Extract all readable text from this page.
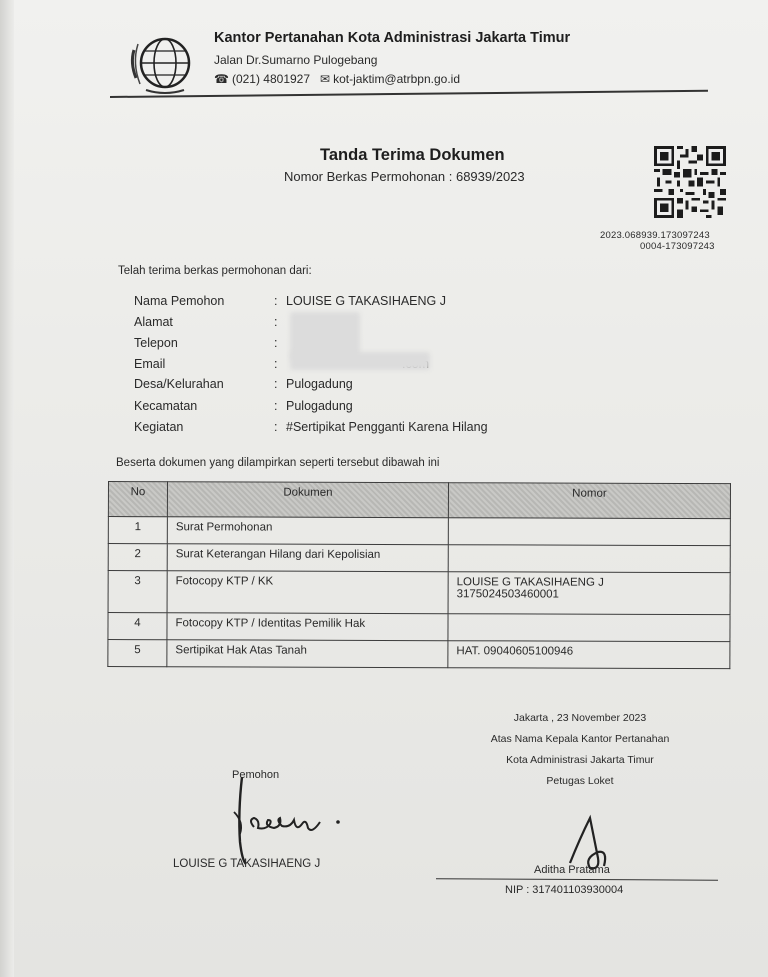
Kantor Pertanahan Kota Administrasi Jakarta Timur
Jalan Dr.Sumarno Pulogebang
☎ (021) 4801927 ✉ kot-jaktim@atrbpn.go.id
Tanda Terima Dokumen
Nomor Berkas Permohonan : 68939/2023
2023.068939.173097243
0004-173097243
Telah terima berkas permohonan dari:
Nama Pemohon	: LOUISE G TAKASIHAENG J
Alamat	:
Telepon	:
Email	:
Desa/Kelurahan	: Pulogadung
Kecamatan	: Pulogadung
Kegiatan	: #Sertipikat Pengganti Karena Hilang
Beserta dokumen yang dilampirkan seperti tersebut dibawah ini
No	Dokumen	Nomor
1	Surat Permohonan	
2	Surat Keterangan Hilang dari Kepolisian	
3	Fotocopy KTP / KK	LOUISE G TAKASIHAENG J
3175024503460001

4	Fotocopy KTP / Identitas Pemilik Hak	
5	Sertipikat Hak Atas Tanah	HAT. 09040605100946
Jakarta , 23 November 2023
Atas Nama Kepala Kantor Pertanahan
Kota Administrasi Jakarta Timur
Petugas Loket
Pemohon
LOUISE G TAKASIHAENG J	Aditha Pratama
NIP : 317401103930004
